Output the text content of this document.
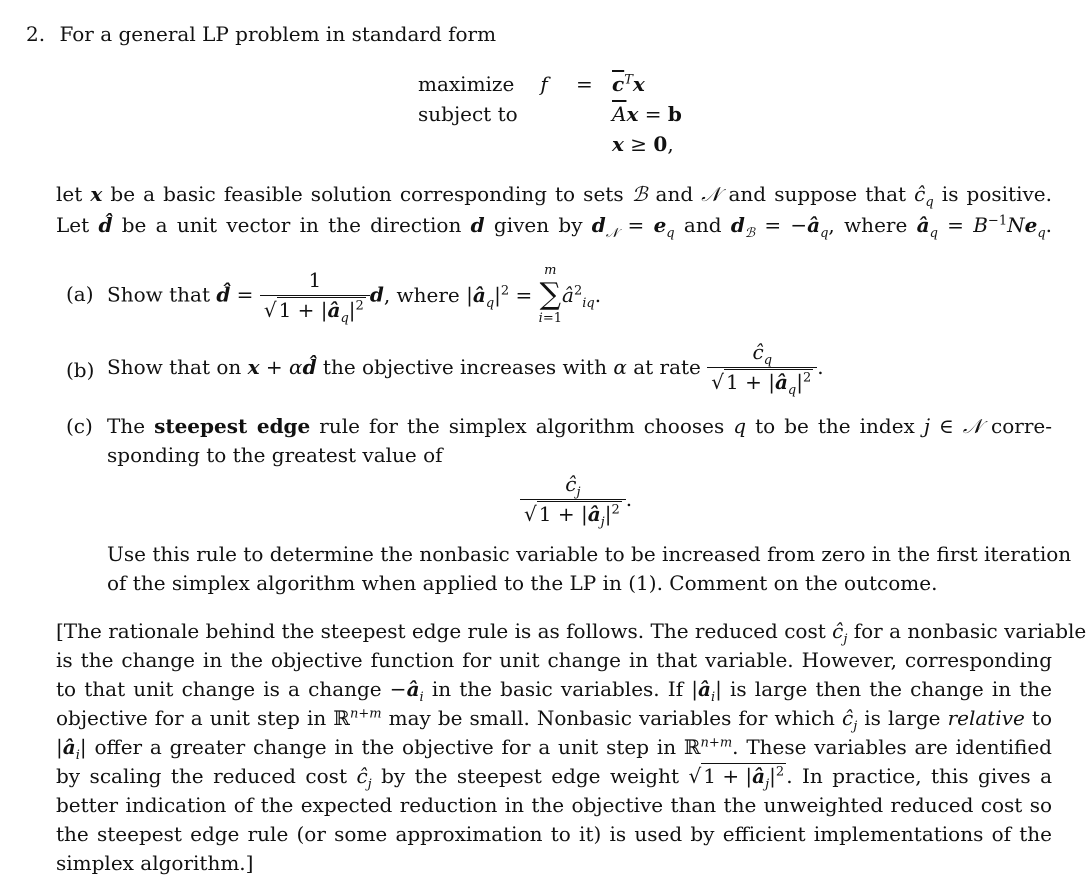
2. For a general LP problem in standard form
maximize $f = \overline{c}^Tx$
subject to	$\overline{A}x = b$
x ≥ 0,
let x be a basic feasible solution corresponding to sets ℬ and 𝒩 and suppose that $ĉ_q$ is positive.
Let d̂ be a unit vector in the direction d given by $d_𝒩 = e_q$ and $d_ℬ$ = $-â_q$, where $â_q = B^{-1}Ne_q$.
(a) Show that d̂ = $\frac{1}{√ 1 + |â_q|^2} d$, where $|â_q|^2$ =
m
∑
i=1
$â^2_{iq}$.
(b) Show that on x + αd̂ the objective increases with α at rate $\frac{ĉ_q}{√ 1 + |â_q|^2}$ .
(c) The steepest edge rule for the simplex algorithm chooses q to be the index j ∈ 𝒩 corre-
sponding to the greatest value of
$\frac{ĉ_j}{√ 1 + |â_j|^2}$ .
Use this rule to determine the nonbasic variable to be increased from zero in the first iteration
of the simplex algorithm when applied to the LP in (1). Comment on the outcome.
[The rationale behind the steepest edge rule is as follows. The reduced cost $ĉ_j$ for a nonbasic variable
is the change in the objective function for unit change in that variable. However, corresponding
to that unit change is a change $-â_i$ in the basic variables. If $|â_i|$ is large then the change in the
objective for a unit step in ℝ$^{n+m}$ may be small. Nonbasic variables for which $ĉ_j$ is large relative to
$|â_i|$ offer a greater change in the objective for a unit step in ℝ$^{n+m}$. These variables are identified
by scaling the reduced cost $ĉ_j$ by the steepest edge weight √ $1 + |â_j|^2$ . In practice, this gives a
better indication of the expected reduction in the objective than the unweighted reduced cost so
the steepest edge rule (or some approximation to it) is used by efficient implementations of the
simplex algorithm.]
